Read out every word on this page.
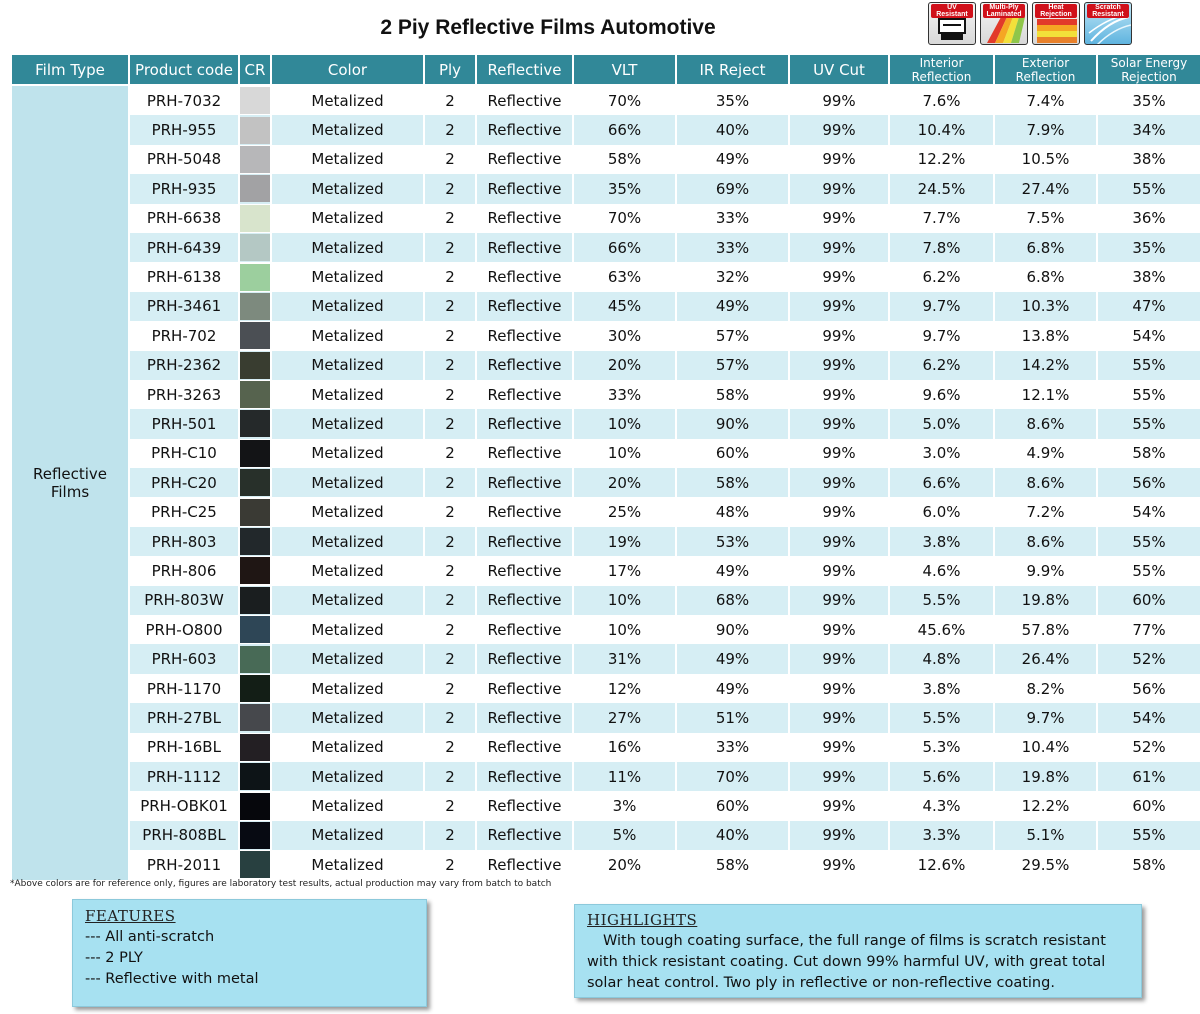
2 Piy Reflective Films Automotive
UV Resistant
Multi-Ply Laminated
Heat Rejection
Scratch Resistant
Film Type	Product code	CR	Color	Ply	Reflective	VLT	IR Reject	UV Cut	Interior Reflection	Exterior Reflection	Solar Energy Rejection
Reflective Films	PRH-7032		Metalized	2	Reflective	70%	35%	99%	7.6%	7.4%	35%
	PRH-955		Metalized	2	Reflective	66%	40%	99%	10.4%	7.9%	34%
	PRH-5048		Metalized	2	Reflective	58%	49%	99%	12.2%	10.5%	38%
	PRH-935		Metalized	2	Reflective	35%	69%	99%	24.5%	27.4%	55%
	PRH-6638		Metalized	2	Reflective	70%	33%	99%	7.7%	7.5%	36%
	PRH-6439		Metalized	2	Reflective	66%	33%	99%	7.8%	6.8%	35%
	PRH-6138		Metalized	2	Reflective	63%	32%	99%	6.2%	6.8%	38%
	PRH-3461		Metalized	2	Reflective	45%	49%	99%	9.7%	10.3%	47%
	PRH-702		Metalized	2	Reflective	30%	57%	99%	9.7%	13.8%	54%
	PRH-2362		Metalized	2	Reflective	20%	57%	99%	6.2%	14.2%	55%
	PRH-3263		Metalized	2	Reflective	33%	58%	99%	9.6%	12.1%	55%
	PRH-501		Metalized	2	Reflective	10%	90%	99%	5.0%	8.6%	55%
	PRH-C10		Metalized	2	Reflective	10%	60%	99%	3.0%	4.9%	58%
	PRH-C20		Metalized	2	Reflective	20%	58%	99%	6.6%	8.6%	56%
	PRH-C25		Metalized	2	Reflective	25%	48%	99%	6.0%	7.2%	54%
	PRH-803		Metalized	2	Reflective	19%	53%	99%	3.8%	8.6%	55%
	PRH-806		Metalized	2	Reflective	17%	49%	99%	4.6%	9.9%	55%
	PRH-803W		Metalized	2	Reflective	10%	68%	99%	5.5%	19.8%	60%
	PRH-O800		Metalized	2	Reflective	10%	90%	99%	45.6%	57.8%	77%
	PRH-603		Metalized	2	Reflective	31%	49%	99%	4.8%	26.4%	52%
	PRH-1170		Metalized	2	Reflective	12%	49%	99%	3.8%	8.2%	56%
	PRH-27BL		Metalized	2	Reflective	27%	51%	99%	5.5%	9.7%	54%
	PRH-16BL		Metalized	2	Reflective	16%	33%	99%	5.3%	10.4%	52%
	PRH-1112		Metalized	2	Reflective	11%	70%	99%	5.6%	19.8%	61%
	PRH-OBK01		Metalized	2	Reflective	3%	60%	99%	4.3%	12.2%	60%
	PRH-808BL		Metalized	2	Reflective	5%	40%	99%	3.3%	5.1%	55%
	PRH-2011		Metalized	2	Reflective	20%	58%	99%	12.6%	29.5%	58%
*Above colors are for reference only, figures are laboratory test results, actual production may vary from batch to batch
FEATURES
--- All anti-scratch
--- 2 PLY
--- Reflective with metal
HIGHLIGHTS
With tough coating surface, the full range of films is scratch resistant with thick resistant coating. Cut down 99% harmful UV, with great total solar heat control. Two ply in reflective or non-reflective coating.
